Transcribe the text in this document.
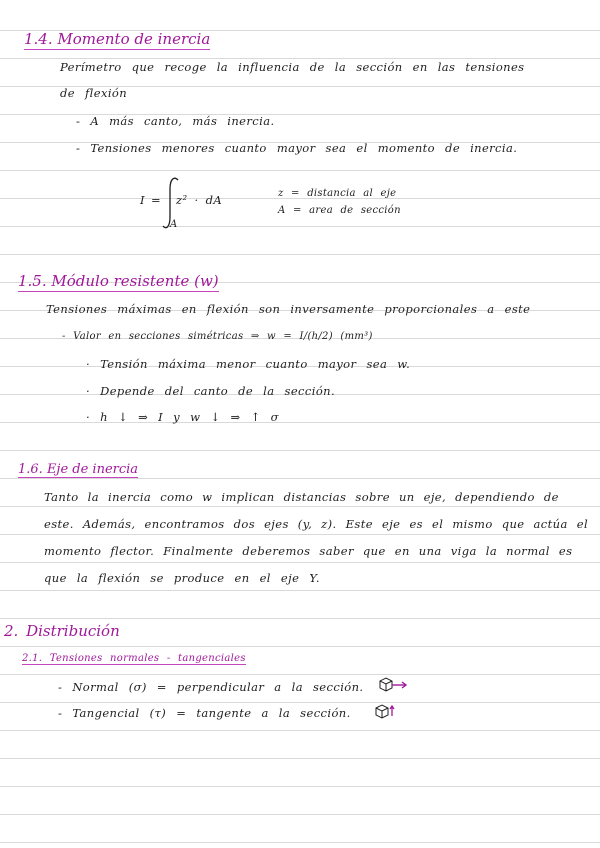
1.4. Momento de inercia
Perímetro que recoge la influencia de la sección en las tensiones
de flexión
- A más canto, más inercia.
- Tensiones menores cuanto mayor sea el momento de inercia.
I = z² · dA
A
z = distancia al eje
A = area de sección
1.5. Módulo resistente (w)
Tensiones máximas en flexión son inversamente proporcionales a este
- Valor en secciones simétricas ⇒ w = I/(h/2) (mm³)
· Tensión máxima menor cuanto mayor sea w.
· Depende del canto de la sección.
· h ↓ ⇒ I y w ↓ ⇒ ↑ σ
1.6. Eje de inercia
Tanto la inercia como w implican distancias sobre un eje, dependiendo de
este. Además, encontramos dos ejes (y, z). Este eje es el mismo que actúa el
momento flector. Finalmente deberemos saber que en una viga la normal es
que la flexión se produce en el eje Y.
2. Distribución
2.1. Tensiones normales - tangenciales
- Normal (σ) = perpendicular a la sección.
- Tangencial (τ) = tangente a la sección.
